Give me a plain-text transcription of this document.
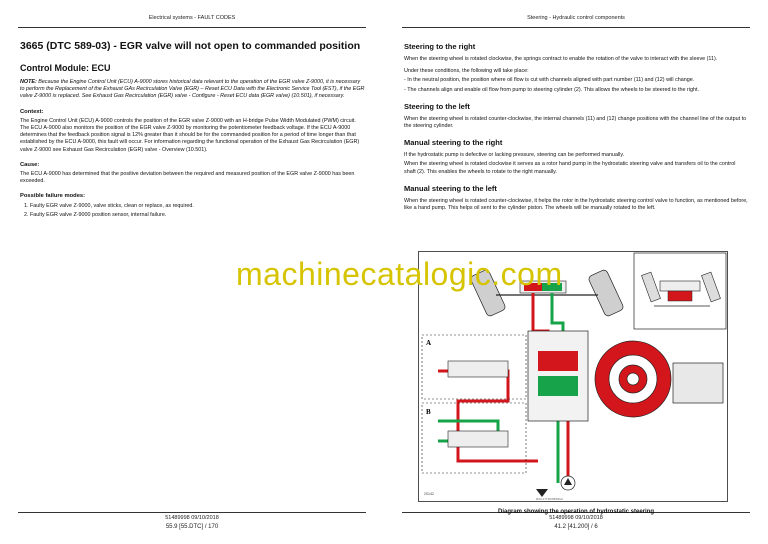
Electrical systems - FAULT CODES
3665 (DTC 589-03) - EGR valve will not open to commanded position
Control Module: ECU
NOTE: Because the Engine Control Unit (ECU) A-9000 stores historical data relevant to the operation of the EGR valve Z-9000, it is necessary to perform the Replacement of the Exhaust GAs Recirculation Valve (EGR) – Reset ECU Data with the Electronic Service Tool (EST), if the EGR valve Z-9000 is replaced. See Exhaust Gas Recirculation (EGR) valve - Configure - Reset ECU data (EGR valve) (10.501), if necessary.
Context:
The Engine Control Unit (ECU) A-9000 controls the position of the EGR valve Z-9000 with an H-bridge Pulse Width Modulated (PWM) circuit. The ECU A-9000 also monitors the position of the EGR valve Z-9000 by monitoring the potentiometer feedback voltage. If the ECU A-9000 determines that the feedback position signal is 12% greater than it should be for the commanded position for a period of time longer than that established by the ECU A-9000, this fault will occur. For information regarding the functional operation of the Exhaust Gas Recirculation (EGR) valve Z-9000 see Exhaust Gas Recirculation (EGR) valve - Overview (10.501).
Cause:
The ECU A-9000 has determined that the positive deviation between the required and measured position of the EGR valve Z-9000 has been exceeded.
Possible failure modes:
1. Faulty EGR valve Z-9000, valve sticks, clean or replace, as required.
2. Faulty EGR valve Z-9000 position sensor, internal failure.
51489998 09/10/2018
55.9 [55.DTC] / 170
Steering - Hydraulic control components
Steering to the right
When the steering wheel is rotated clockwise, the springs contract to enable the rotation of the valve to interact with the sleeve (11).
Under these conditions, the following will take place:
- In the neutral position, the position where oil flow is cut with channels aligned with part number (11) and (12) will change.
- The channels align and enable oil flow from pump to steering cylinder (2). This allows the wheels to be steered to the right.
Steering to the left
When the steering wheel is rotated counter-clockwise, the internal channels (11) and (12) change positions with the channel line of the output to the steering cylinder.
Manual steering to the right
If the hydrostatic pump is defective or lacking pressure, steering can be performed manually.
When the steering wheel is rotated clockwise it serves as a rotor hand pump in the hydrostatic steering valve and transfers oil to the control shaft (2). This enables the wheels to rotate to the right manually.
Manual steering to the left
When the steering wheel is rotated counter-clockwise, it helps the rotor in the hydrostatic steering control valve to function, as mentioned before, like a hand pump. This helps oil sent to the cylinder piston. The wheels will be manually rotated to the left.
51489998 09/10/2018
41.2 [41.200] / 6
A
B
20142
RAIL17TRK5830GA
machinecatalogic.com
Diagram showing the operation of hydrostatic steering
